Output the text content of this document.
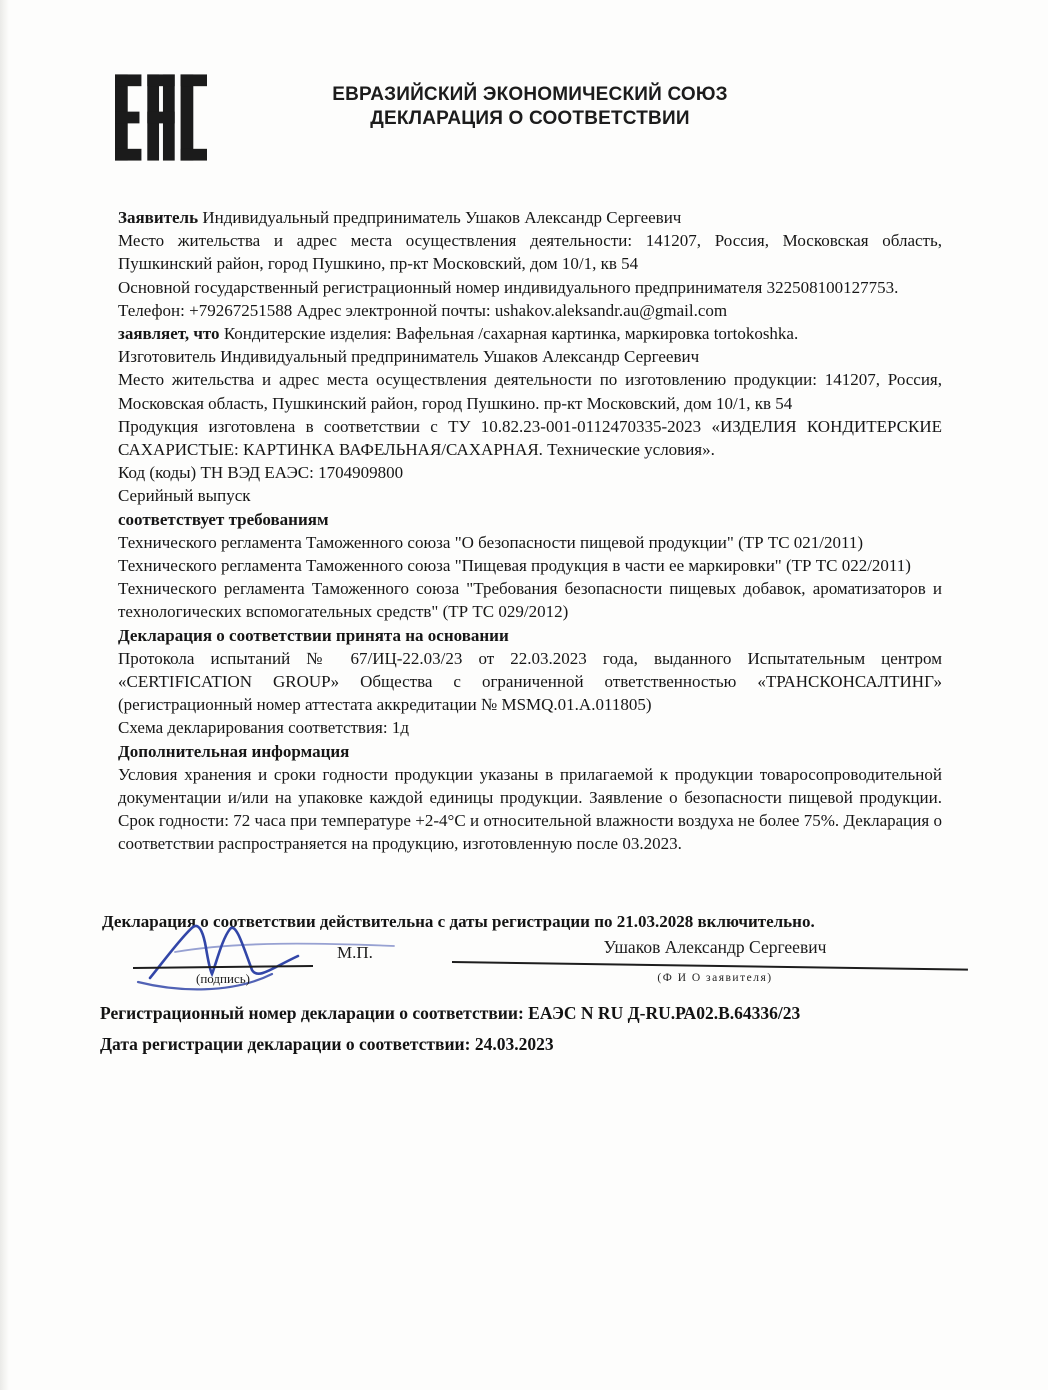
ЕВРАЗИЙСКИЙ ЭКОНОМИЧЕСКИЙ СОЮЗ
ДЕКЛАРАЦИЯ О СООТВЕТСТВИИ

Заявитель Индивидуальный предприниматель Ушаков Александр Сергеевич

Место жительства и адрес места осуществления деятельности: 141207, Россия, Московская область, Пушкинский район, город Пушкино, пр-кт Московский, дом 10/1, кв 54

Основной государственный регистрационный номер индивидуального предпринимателя 322508100127753.

Телефон: +79267251588 Адрес электронной почты: ushakov.aleksandr.au@gmail.com

заявляет, что Кондитерские изделия: Вафельная /сахарная картинка, маркировка tortokoshka.

Изготовитель Индивидуальный предприниматель Ушаков Александр Сергеевич

Место жительства и адрес места осуществления деятельности по изготовлению продукции: 141207, Россия, Московская область, Пушкинский район, город Пушкино. пр-кт Московский, дом 10/1, кв 54

Продукция изготовлена в соответствии с ТУ 10.82.23-001-0112470335-2023 «ИЗДЕЛИЯ КОНДИТЕРСКИЕ САХАРИСТЫЕ: КАРТИНКА ВАФЕЛЬНАЯ/САХАРНАЯ. Технические условия».

Код (коды) ТН ВЭД ЕАЭС: 1704909800

Серийный выпуск

соответствует требованиям

Технического регламента Таможенного союза "О безопасности пищевой продукции" (ТР ТС 021/2011)

Технического регламента Таможенного союза "Пищевая продукция в части ее маркировки" (ТР ТС 022/2011)

Технического регламента Таможенного союза "Требования безопасности пищевых добавок, ароматизаторов и технологических вспомогательных средств" (ТР ТС 029/2012)

Декларация о соответствии принята на основании

Протокола испытаний № 67/ИЦ-22.03/23 от 22.03.2023 года, выданного Испытательным центром «CERTIFICATION GROUP» Общества с ограниченной ответственностью «ТРАНСКОНСАЛТИНГ» (регистрационный номер аттестата аккредитации № MSMQ.01.A.011805)

Схема декларирования соответствия: 1д

Дополнительная информация

Условия хранения и сроки годности продукции указаны в прилагаемой к продукции товаросопроводительной документации и/или на упаковке каждой единицы продукции. Заявление о безопасности пищевой продукции. Срок годности: 72 часа при температуре +2-4°С и относительной влажности воздуха не более 75%. Декларация о соответствии распространяется на продукцию, изготовленную после 03.2023.

Декларация о соответствии действительна с даты регистрации по 21.03.2028 включительно.
(подпись)
М.П.	Ушаков Александр Сергеевич
(Ф И О заявителя)

Регистрационный номер декларации о соответствии: ЕАЭС N RU Д-RU.РА02.В.64336/23

Дата регистрации декларации о соответствии: 24.03.2023
